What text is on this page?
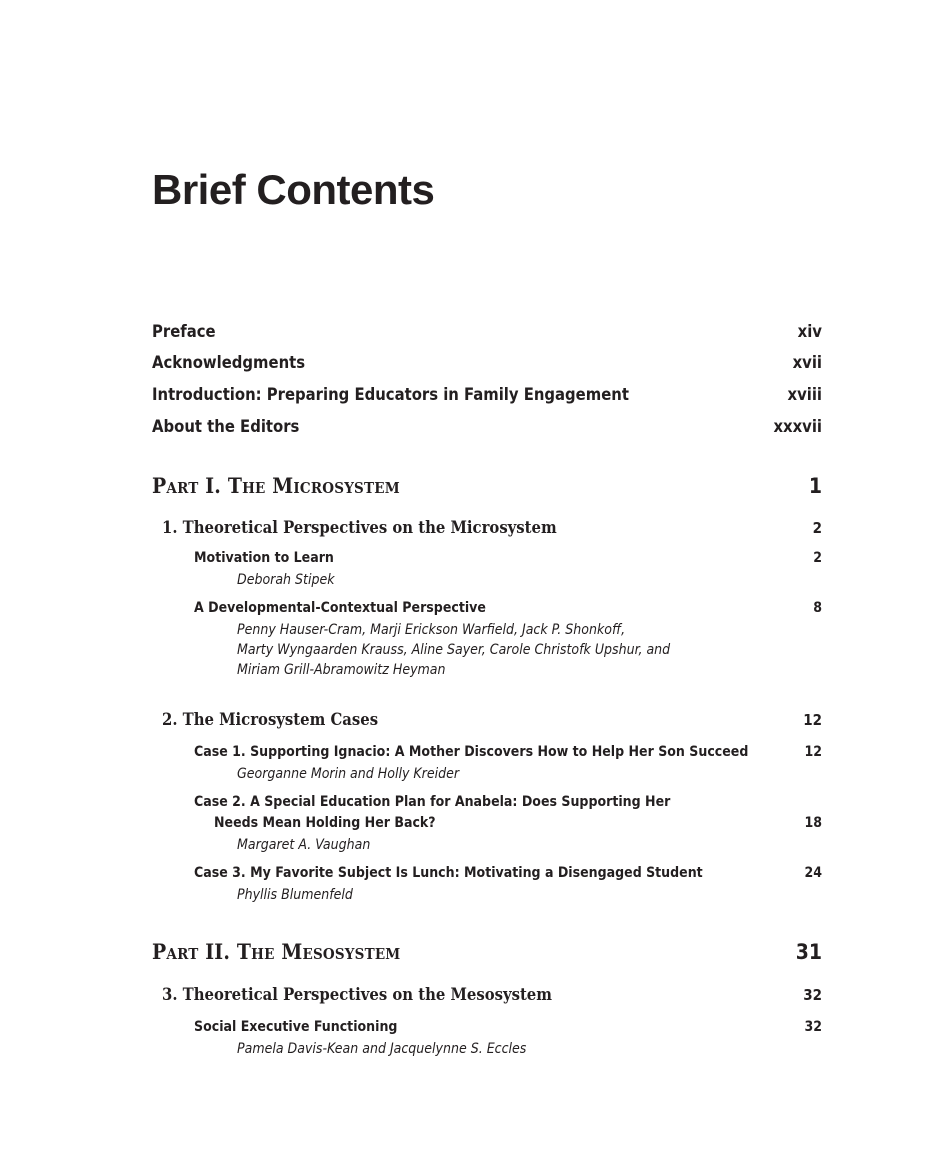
Brief Contents
Preface	xiv
Acknowledgments	xvii
Introduction: Preparing Educators in Family Engagement	xviii
About the Editors	xxxvii
Part I. The Microsystem	1
1. Theoretical Perspectives on the Microsystem	2
Motivation to Learn	2
Deborah Stipek
A Developmental-Contextual Perspective	8
Penny Hauser-Cram, Marji Erickson Warfield, Jack P. Shonkoff,
Marty Wyngaarden Krauss, Aline Sayer, Carole Christofk Upshur, and
Miriam Grill-Abramowitz Heyman
2. The Microsystem Cases	12
Case 1. Supporting Ignacio: A Mother Discovers How to Help Her Son Succeed	12
Georganne Morin and Holly Kreider
Case 2. A Special Education Plan for Anabela: Does Supporting Her
Needs Mean Holding Her Back?	18
Margaret A. Vaughan
Case 3. My Favorite Subject Is Lunch: Motivating a Disengaged Student	24
Phyllis Blumenfeld
Part II. The Mesosystem	31
3. Theoretical Perspectives on the Mesosystem	32
Social Executive Functioning	32
Pamela Davis-Kean and Jacquelynne S. Eccles
